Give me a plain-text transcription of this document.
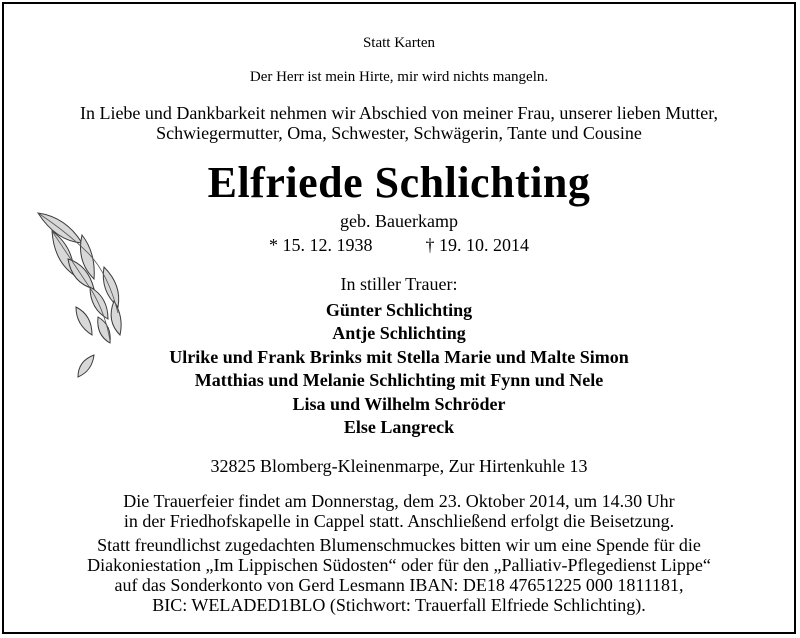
Statt Karten
Der Herr ist mein Hirte, mir wird nichts mangeln.
In Liebe und Dankbarkeit nehmen wir Abschied von meiner Frau, unserer lieben Mutter,
Schwiegermutter, Oma, Schwester, Schwägerin, Tante und Cousine
Elfriede Schlichting
geb. Bauerkamp
* 15. 12. 1938	† 19. 10. 2014
In stiller Trauer:
Günter Schlichting
Antje Schlichting
Ulrike und Frank Brinks mit Stella Marie und Malte Simon
Matthias und Melanie Schlichting mit Fynn und Nele
Lisa und Wilhelm Schröder
Else Langreck
32825 Blomberg-Kleinenmarpe, Zur Hirtenkuhle 13
Die Trauerfeier findet am Donnerstag, dem 23. Oktober 2014, um 14.30 Uhr
in der Friedhofskapelle in Cappel statt. Anschließend erfolgt die Beisetzung.
Statt freundlichst zugedachten Blumenschmuckes bitten wir um eine Spende für die
Diakoniestation „Im Lippischen Südosten“ oder für den „Palliativ-Pflegedienst Lippe“
auf das Sonderkonto von Gerd Lesmann IBAN: DE18 47651225 000 1811181,
BIC: WELADED1BLO (Stichwort: Trauerfall Elfriede Schlichting).
